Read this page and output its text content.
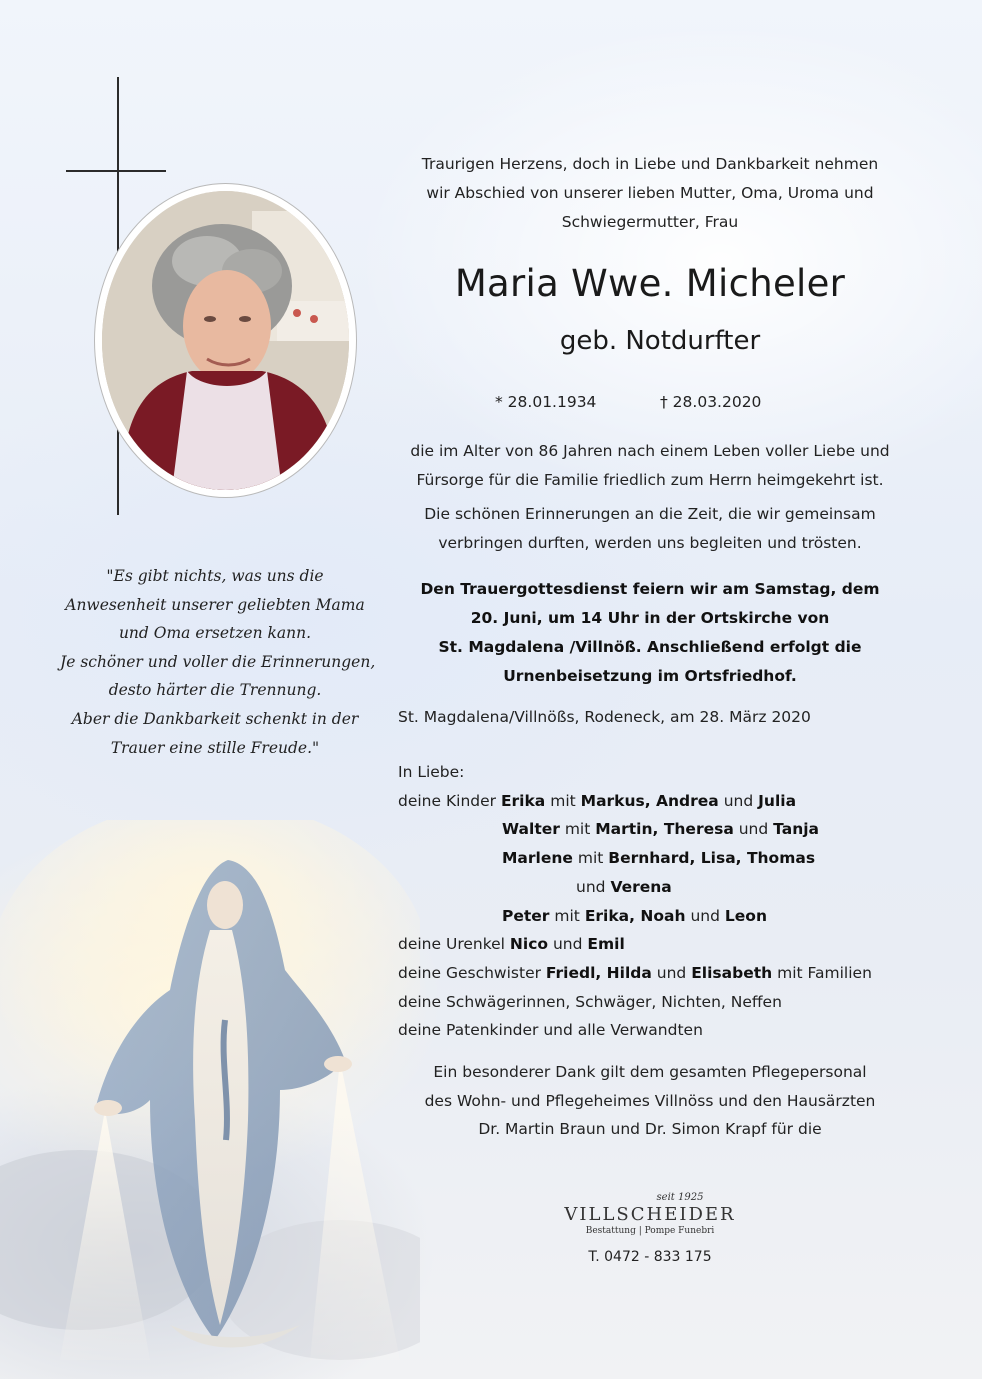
"Es gibt nichts, was uns die
Anwesenheit unserer geliebten Mama
und Oma ersetzen kann.
Je schöner und voller die Erinnerungen,
desto härter die Trennung.
Aber die Dankbarkeit schenkt in der
Trauer eine stille Freude."
Traurigen Herzens, doch in Liebe und Dankbarkeit nehmen
wir Abschied von unserer lieben Mutter, Oma, Uroma und
Schwiegermutter, Frau
Maria Wwe. Micheler
geb. Notdurfter
* 28.01.1934	† 28.03.2020
die im Alter von 86 Jahren nach einem Leben voller Liebe und
Fürsorge für die Familie friedlich zum Herrn heimgekehrt ist.
Die schönen Erinnerungen an die Zeit, die wir gemeinsam
verbringen durften, werden uns begleiten und trösten.
Den Trauergottesdienst feiern wir am Samstag, dem
20. Juni, um 14 Uhr in der Ortskirche von
St. Magdalena /Villnöß. Anschließend erfolgt die
Urnenbeisetzung im Ortsfriedhof.
St. Magdalena/Villnößs, Rodeneck, am 28. März 2020
In Liebe:
deine Kinder Erika mit Markus, Andrea und Julia
Walter mit Martin, Theresa und Tanja
Marlene mit Bernhard, Lisa, Thomas
und Verena
Peter mit Erika, Noah und Leon
deine Urenkel Nico und Emil
deine Geschwister Friedl, Hilda und Elisabeth mit Familien
deine Schwägerinnen, Schwäger, Nichten, Neffen
deine Patenkinder und alle Verwandten
Ein besonderer Dank gilt dem gesamten Pflegepersonal
des Wohn- und Pflegeheimes Villnöss und den Hausärzten
Dr. Martin Braun und Dr. Simon Krapf für die
seit 1925
VILLSCHEIDER
Bestattung | Pompe Funebri
T. 0472 - 833 175
